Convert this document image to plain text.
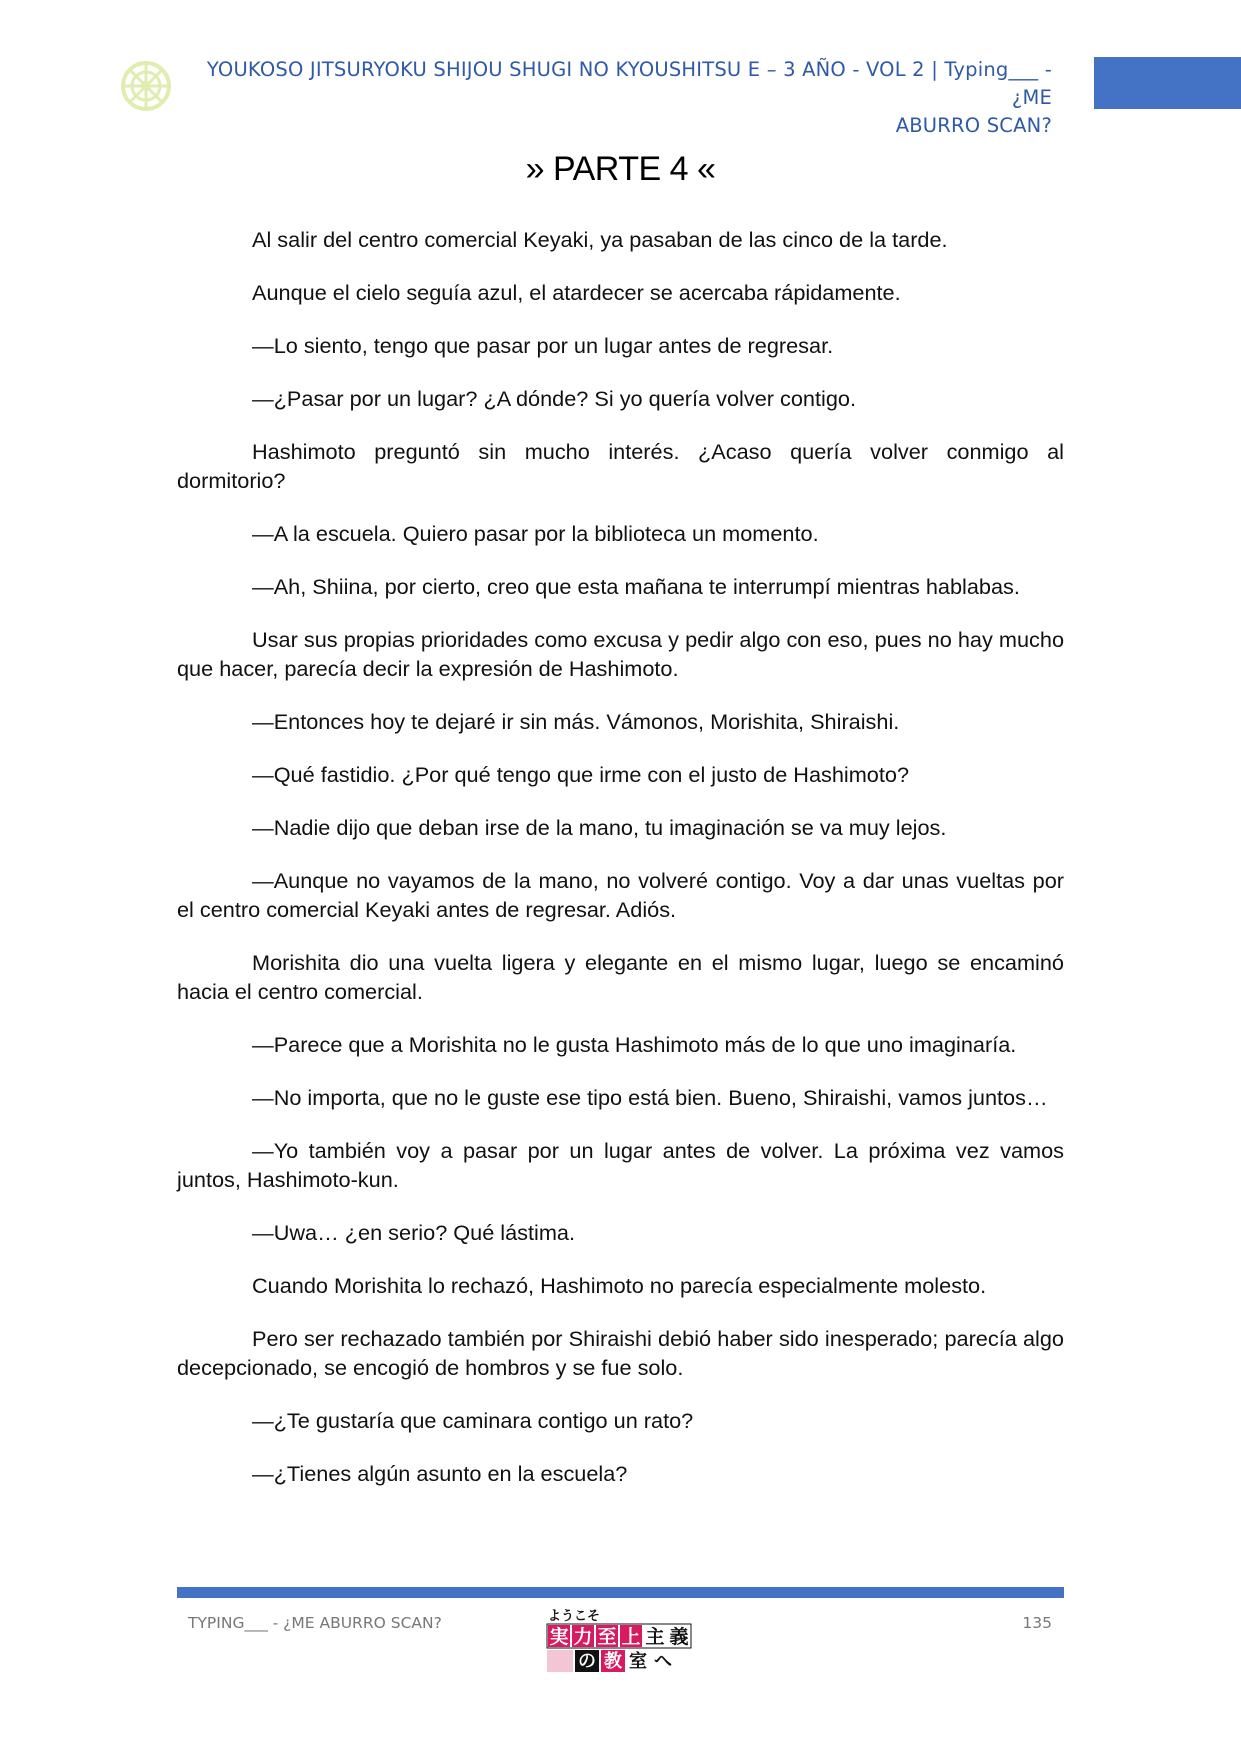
YOUKOSO JITSURYOKU SHIJOU SHUGI NO KYOUSHITSU E – 3 AÑO - VOL 2 | Typing___ - ¿ME
ABURRO SCAN?
» PARTE 4 «

Al salir del centro comercial Keyaki, ya pasaban de las cinco de la tarde.

Aunque el cielo seguía azul, el atardecer se acercaba rápidamente.

—Lo siento, tengo que pasar por un lugar antes de regresar.

—¿Pasar por un lugar? ¿A dónde? Si yo quería volver contigo.

Hashimoto preguntó sin mucho interés. ¿Acaso quería volver conmigo al dormitorio?

—A la escuela. Quiero pasar por la biblioteca un momento.

—Ah, Shiina, por cierto, creo que esta mañana te interrumpí mientras hablabas.

Usar sus propias prioridades como excusa y pedir algo con eso, pues no hay mucho que hacer, parecía decir la expresión de Hashimoto.

—Entonces hoy te dejaré ir sin más. Vámonos, Morishita, Shiraishi.

—Qué fastidio. ¿Por qué tengo que irme con el justo de Hashimoto?

—Nadie dijo que deban irse de la mano, tu imaginación se va muy lejos.

—Aunque no vayamos de la mano, no volveré contigo. Voy a dar unas vueltas por el centro comercial Keyaki antes de regresar. Adiós.

Morishita dio una vuelta ligera y elegante en el mismo lugar, luego se encaminó hacia el centro comercial.

—Parece que a Morishita no le gusta Hashimoto más de lo que uno imaginaría.

—No importa, que no le guste ese tipo está bien. Bueno, Shiraishi, vamos juntos…

—Yo también voy a pasar por un lugar antes de volver. La próxima vez vamos juntos, Hashimoto-kun.

—Uwa… ¿en serio? Qué lástima.

Cuando Morishita lo rechazó, Hashimoto no parecía especialmente molesto.

Pero ser rechazado también por Shiraishi debió haber sido inesperado; parecía algo decepcionado, se encogió de hombros y se fue solo.

—¿Te gustaría que caminara contigo un rato?

—¿Tienes algún asunto en la escuela?

TYPING___ - ¿ME ABURRO SCAN?	135
ようこそ
実 力 至 上 主 義
の 教 室 へ
